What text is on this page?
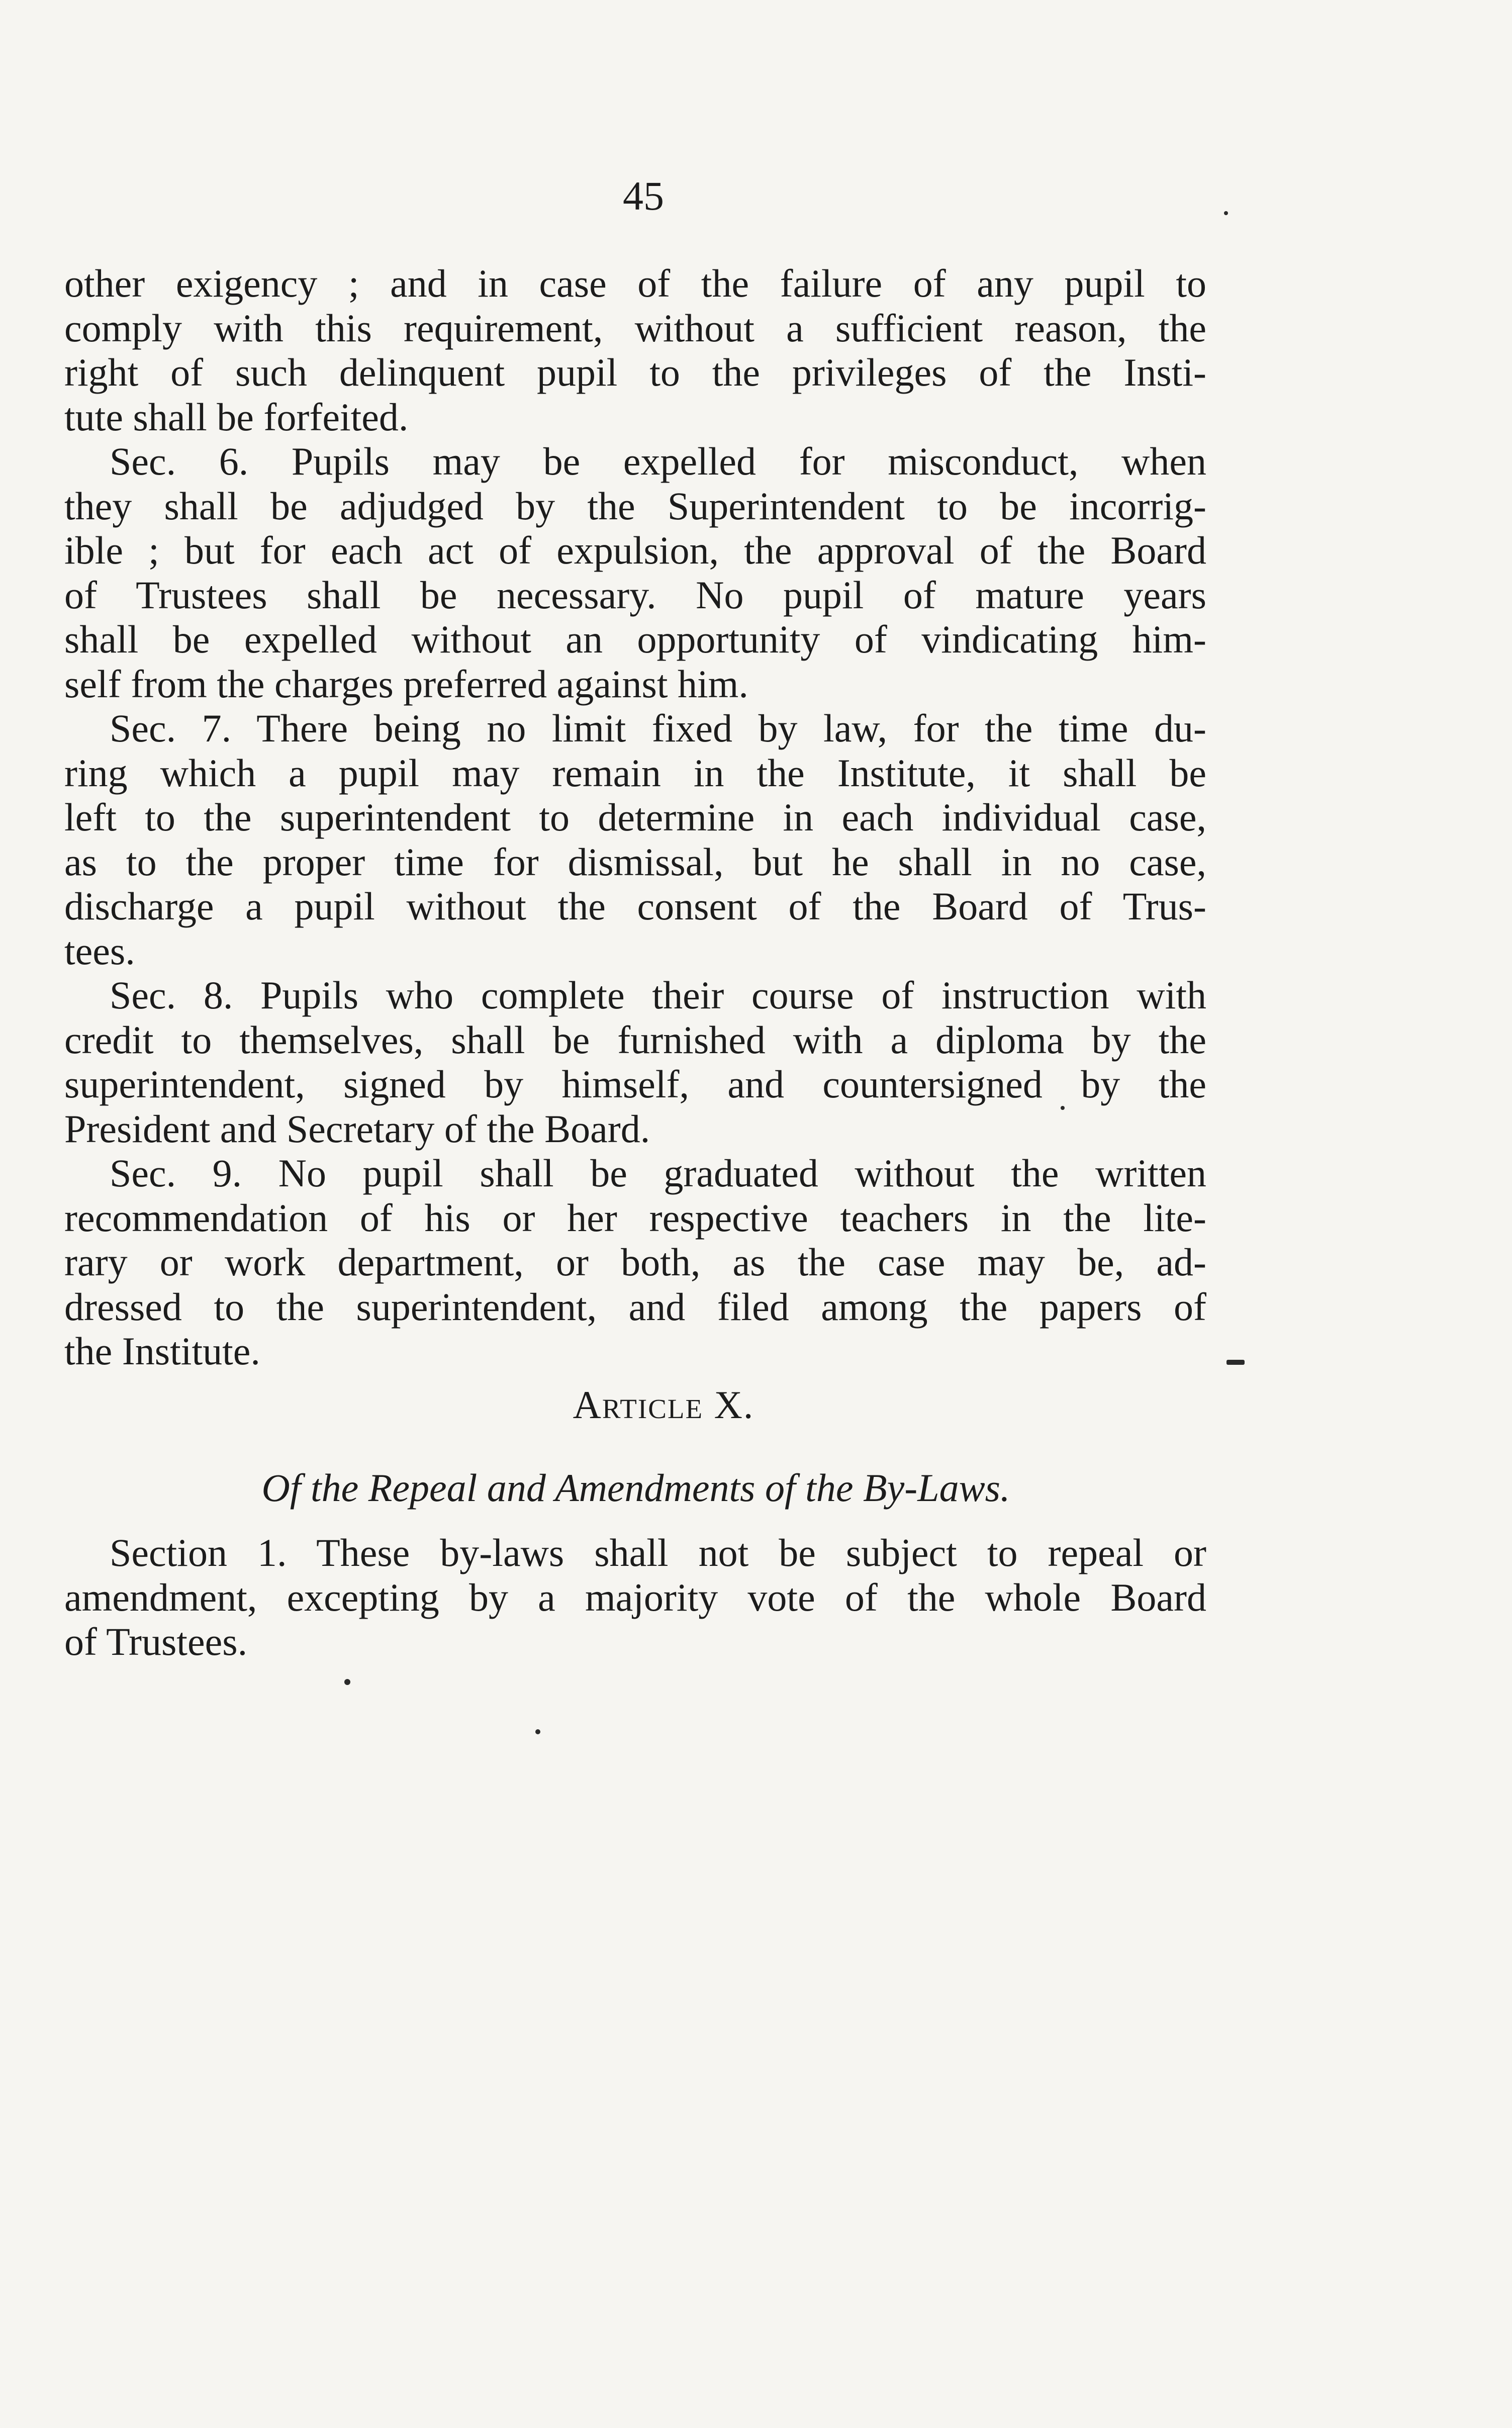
45
other exigency ; and in case of the failure of any pupil to
comply with this requirement, without a sufficient reason, the
right of such delinquent pupil to the privileges of the Insti-
tute shall be forfeited.
Sec. 6. Pupils may be expelled for misconduct, when
they shall be adjudged by the Superintendent to be incorrig-
ible ; but for each act of expulsion, the approval of the Board
of Trustees shall be necessary. No pupil of mature years
shall be expelled without an opportunity of vindicating him-
self from the charges preferred against him.
Sec. 7. There being no limit fixed by law, for the time du-
ring which a pupil may remain in the Institute, it shall be
left to the superintendent to determine in each individual case,
as to the proper time for dismissal, but he shall in no case,
discharge a pupil without the consent of the Board of Trus-
tees.
Sec. 8. Pupils who complete their course of instruction with
credit to themselves, shall be furnished with a diploma by the
superintendent, signed by himself, and countersigned by the
President and Secretary of the Board.
Sec. 9. No pupil shall be graduated without the written
recommendation of his or her respective teachers in the lite-
rary or work department, or both, as the case may be, ad-
dressed to the superintendent, and filed among the papers of
the Institute.
Article X.
Of the Repeal and Amendments of the By-Laws.
Section 1. These by-laws shall not be subject to repeal or
amendment, excepting by a majority vote of the whole Board
of Trustees.
